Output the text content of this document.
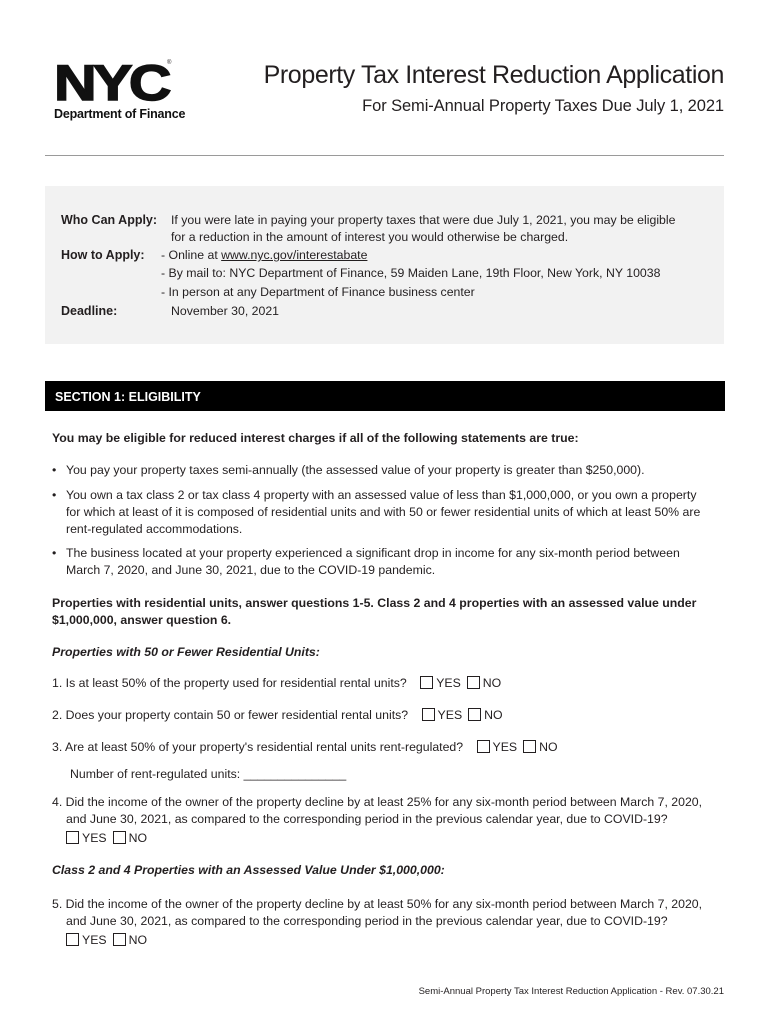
NYC ®
Department of Finance
Property Tax Interest Reduction Application
For Semi-Annual Property Taxes Due July 1, 2021
Who Can Apply: If you were late in paying your property taxes that were due July 1, 2021, you may be eligible
for a reduction in the amount of interest you would otherwise be charged.
How to Apply: - Online at www.nyc.gov/interestabate
- By mail to: NYC Department of Finance, 59 Maiden Lane, 19th Floor, New York, NY 10038
- In person at any Department of Finance business center
Deadline:	November 30, 2021
SECTION 1: ELIGIBILITY
You may be eligible for reduced interest charges if all of the following statements are true:
• You pay your property taxes semi-annually (the assessed value of your property is greater than $250,000).
• You own a tax class 2 or tax class 4 property with an assessed value of less than $1,000,000, or you own a property for which at least of it is composed of residential units and with 50 or fewer residential units of which at least 50% are rent-regulated accommodations.
• The business located at your property experienced a significant drop in income for any six-month period between March 7, 2020, and June 30, 2021, due to the COVID-19 pandemic.
Properties with residential units, answer questions 1-5. Class 2 and 4 properties with an assessed value under
$1,000,000, answer question 6.
Properties with 50 or Fewer Residential Units:
1. Is at least 50% of the property used for residential rental units? YES NO
2. Does your property contain 50 or fewer residential rental units? YES NO
3. Are at least 50% of your property's residential rental units rent-regulated? YES NO
Number of rent-regulated units: _______________
4. Did the income of the owner of the property decline by at least 25% for any six-month period between March 7, 2020,
and June 30, 2021, as compared to the corresponding period in the previous calendar year, due to COVID-19?
YES NO
Class 2 and 4 Properties with an Assessed Value Under $1,000,000:
5. Did the income of the owner of the property decline by at least 50% for any six-month period between March 7, 2020,
and June 30, 2021, as compared to the corresponding period in the previous calendar year, due to COVID-19?
YES NO
Semi-Annual Property Tax Interest Reduction Application - Rev. 07.30.21
